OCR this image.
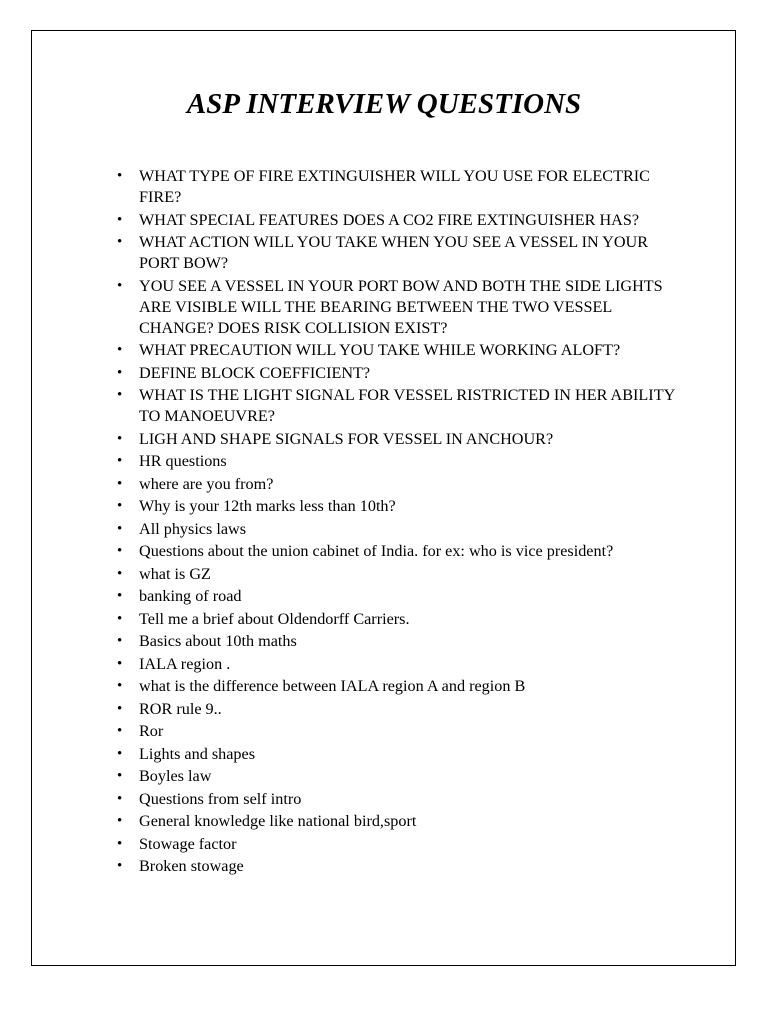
ASP INTERVIEW QUESTIONS
• WHAT TYPE OF FIRE EXTINGUISHER WILL YOU USE FOR ELECTRIC FIRE?
• WHAT SPECIAL FEATURES DOES A CO2 FIRE EXTINGUISHER HAS?
• WHAT ACTION WILL YOU TAKE WHEN YOU SEE A VESSEL IN YOUR PORT BOW?
• YOU SEE A VESSEL IN YOUR PORT BOW AND BOTH THE SIDE LIGHTS ARE VISIBLE WILL THE BEARING BETWEEN THE TWO VESSEL CHANGE? DOES RISK COLLISION EXIST?
• WHAT PRECAUTION WILL YOU TAKE WHILE WORKING ALOFT?
• DEFINE BLOCK COEFFICIENT?
• WHAT IS THE LIGHT SIGNAL FOR VESSEL RISTRICTED IN HER ABILITY TO MANOEUVRE?
• LIGH AND SHAPE SIGNALS FOR VESSEL IN ANCHOUR?
• HR questions
• where are you from?
• Why is your 12th marks less than 10th?
• All physics laws
• Questions about the union cabinet of India. for ex: who is vice president?
• what is GZ
• banking of road
• Tell me a brief about Oldendorff Carriers.
• Basics about 10th maths
• IALA region .
• what is the difference between IALA region A and region B
• ROR rule 9..
• Ror
• Lights and shapes
• Boyles law
• Questions from self intro
• General knowledge like national bird,sport
• Stowage factor
• Broken stowage
